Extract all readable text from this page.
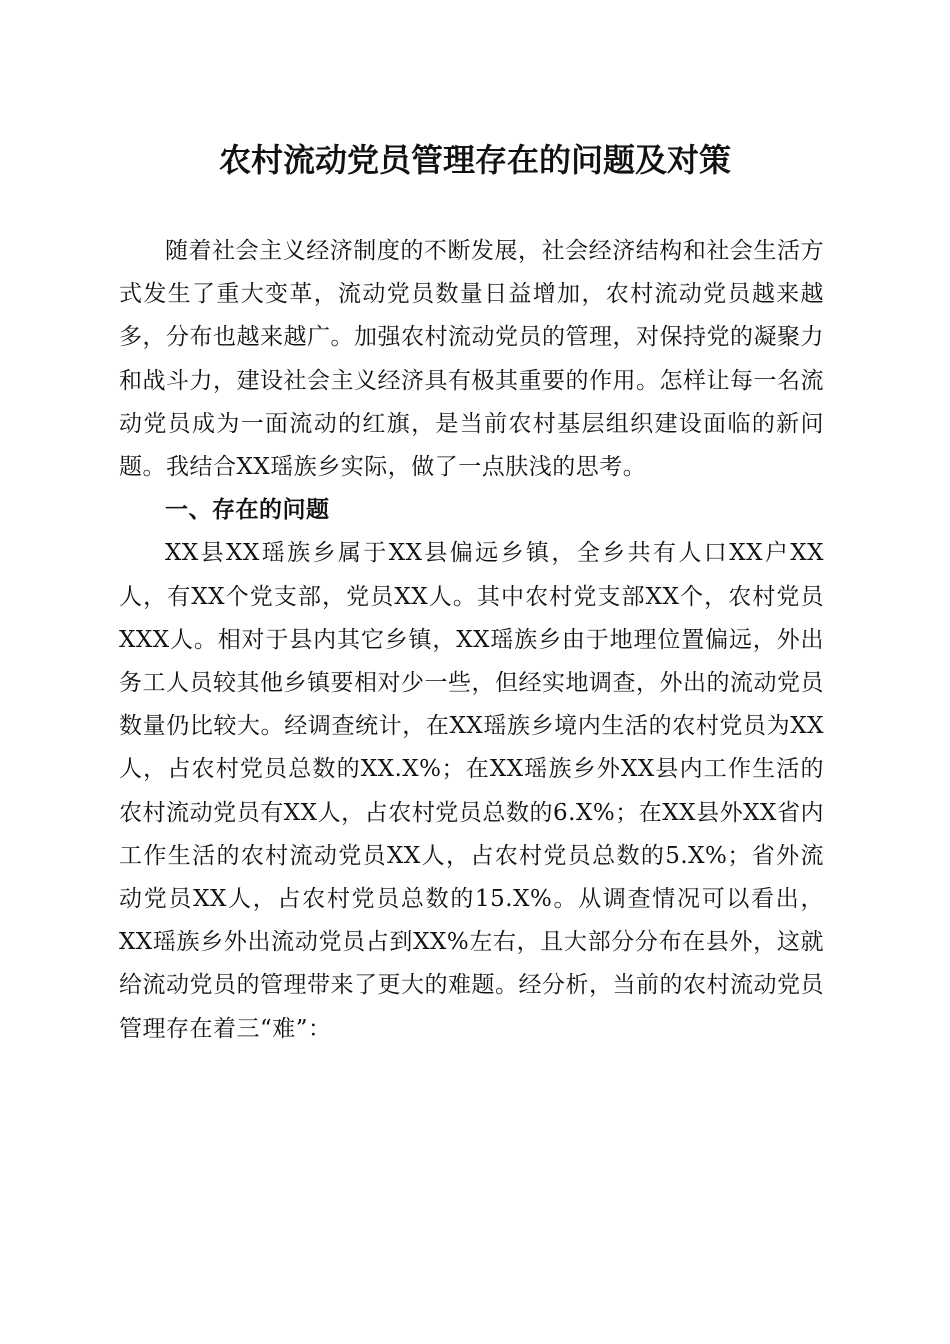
农村流动党员管理存在的问题及对策

随着社会主义经济制度的不断发展，社会经济结构和社会生活方式发生了重大变革，流动党员数量日益增加，农村流动党员越来越多，分布也越来越广。加强农村流动党员的管理，对保持党的凝聚力和战斗力，建设社会主义经济具有极其重要的作用。怎样让每一名流动党员成为一面流动的红旗，是当前农村基层组织建设面临的新问题。我结合XX瑶族乡实际，做了一点肤浅的思考。

一、存在的问题

XX县XX瑶族乡属于XX县偏远乡镇，全乡共有人口XX户XX人，有XX个党支部，党员XX人。其中农村党支部XX个，农村党员XXX人。相对于县内其它乡镇，XX瑶族乡由于地理位置偏远，外出务工人员较其他乡镇要相对少一些，但经实地调查，外出的流动党员数量仍比较大。经调查统计，在XX瑶族乡境内生活的农村党员为XX人，占农村党员总数的XX.X%；在XX瑶族乡外XX县内工作生活的农村流动党员有XX人，占农村党员总数的6.X%；在XX县外XX省内工作生活的农村流动党员XX人，占农村党员总数的5.X%；省外流动党员XX人，占农村党员总数的15.X%。从调查情况可以看出，XX瑶族乡外出流动党员占到XX%左右，且大部分分布在县外，这就给流动党员的管理带来了更大的难题。经分析，当前的农村流动党员管理存在着三“难”：
